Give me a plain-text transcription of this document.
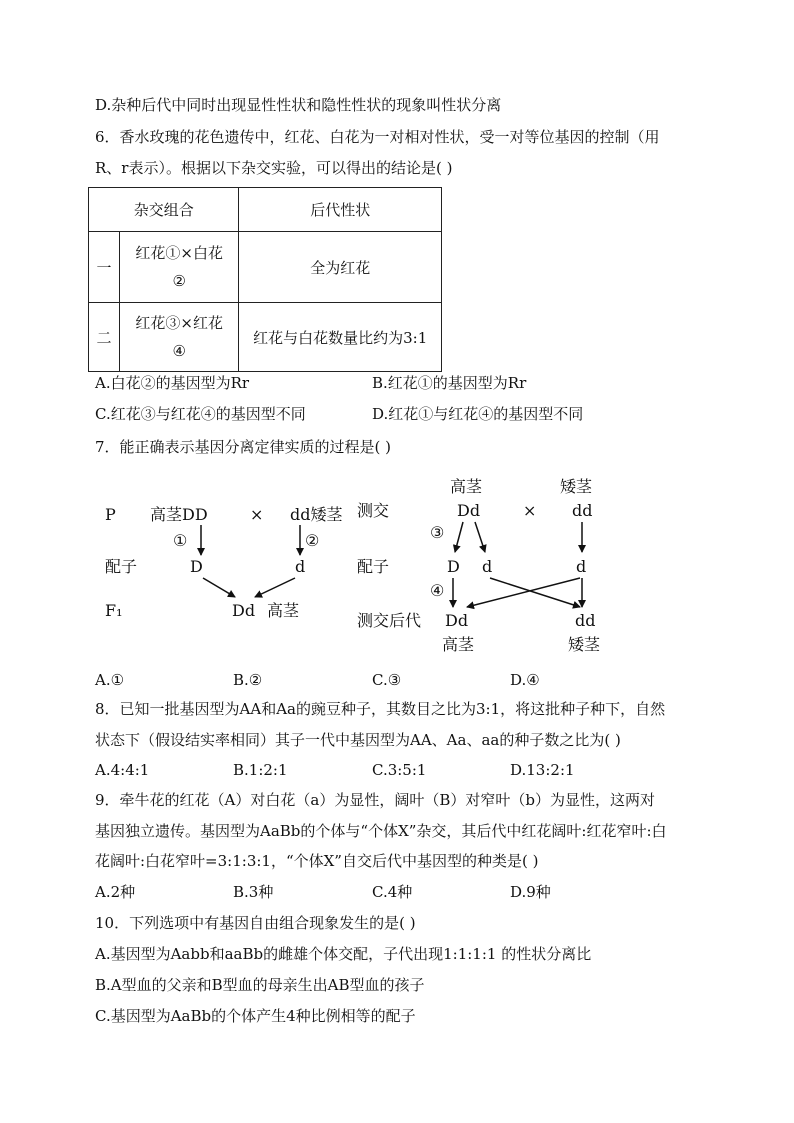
D.杂种后代中同时出现显性性状和隐性性状的现象叫性状分离
6．香水玫瑰的花色遗传中，红花、白花为一对相对性状，受一对等位基因的控制（用
R、r表示）。根据以下杂交实验，可以得出的结论是( )
杂交组合		后代性状
一	红花①×白花
②	全为红花
二	红花③×红花
④	红花与白花数量比约为3:1
A.白花②的基因型为Rr	B.红花①的基因型为Rr
C.红花③与红花④的基因型不同	D.红花①与红花④的基因型不同
7．能正确表示基因分离定律实质的过程是( )
P 高茎DD	× dd矮茎
①	②
配子	D	d
F₁	Dd 高茎
高茎	矮茎
测交	Dd	× dd
③
配子	D d	d
④
测交后代 Dd	dd
高茎	矮茎
A.①	B.②	C.③	D.④
8．已知一批基因型为AA和Aa的豌豆种子，其数目之比为3:1，将这批种子种下，自然
状态下（假设结实率相同）其子一代中基因型为AA、Aa、aa的种子数之比为( )
A.4:4:1	B.1:2:1	C.3:5:1	D.13:2:1
9．牵牛花的红花（A）对白花（a）为显性，阔叶（B）对窄叶（b）为显性，这两对
基因独立遗传。基因型为AaBb的个体与“个体X”杂交，其后代中红花阔叶:红花窄叶:白
花阔叶:白花窄叶=3:1:3:1，“个体X”自交后代中基因型的种类是( )
A.2种	B.3种	C.4种	D.9种
10．下列选项中有基因自由组合现象发生的是( )
A.基因型为Aabb和aaBb的雌雄个体交配，子代出现1:1:1:1 的性状分离比
B.A型血的父亲和B型血的母亲生出AB型血的孩子
C.基因型为AaBb的个体产生4种比例相等的配子
